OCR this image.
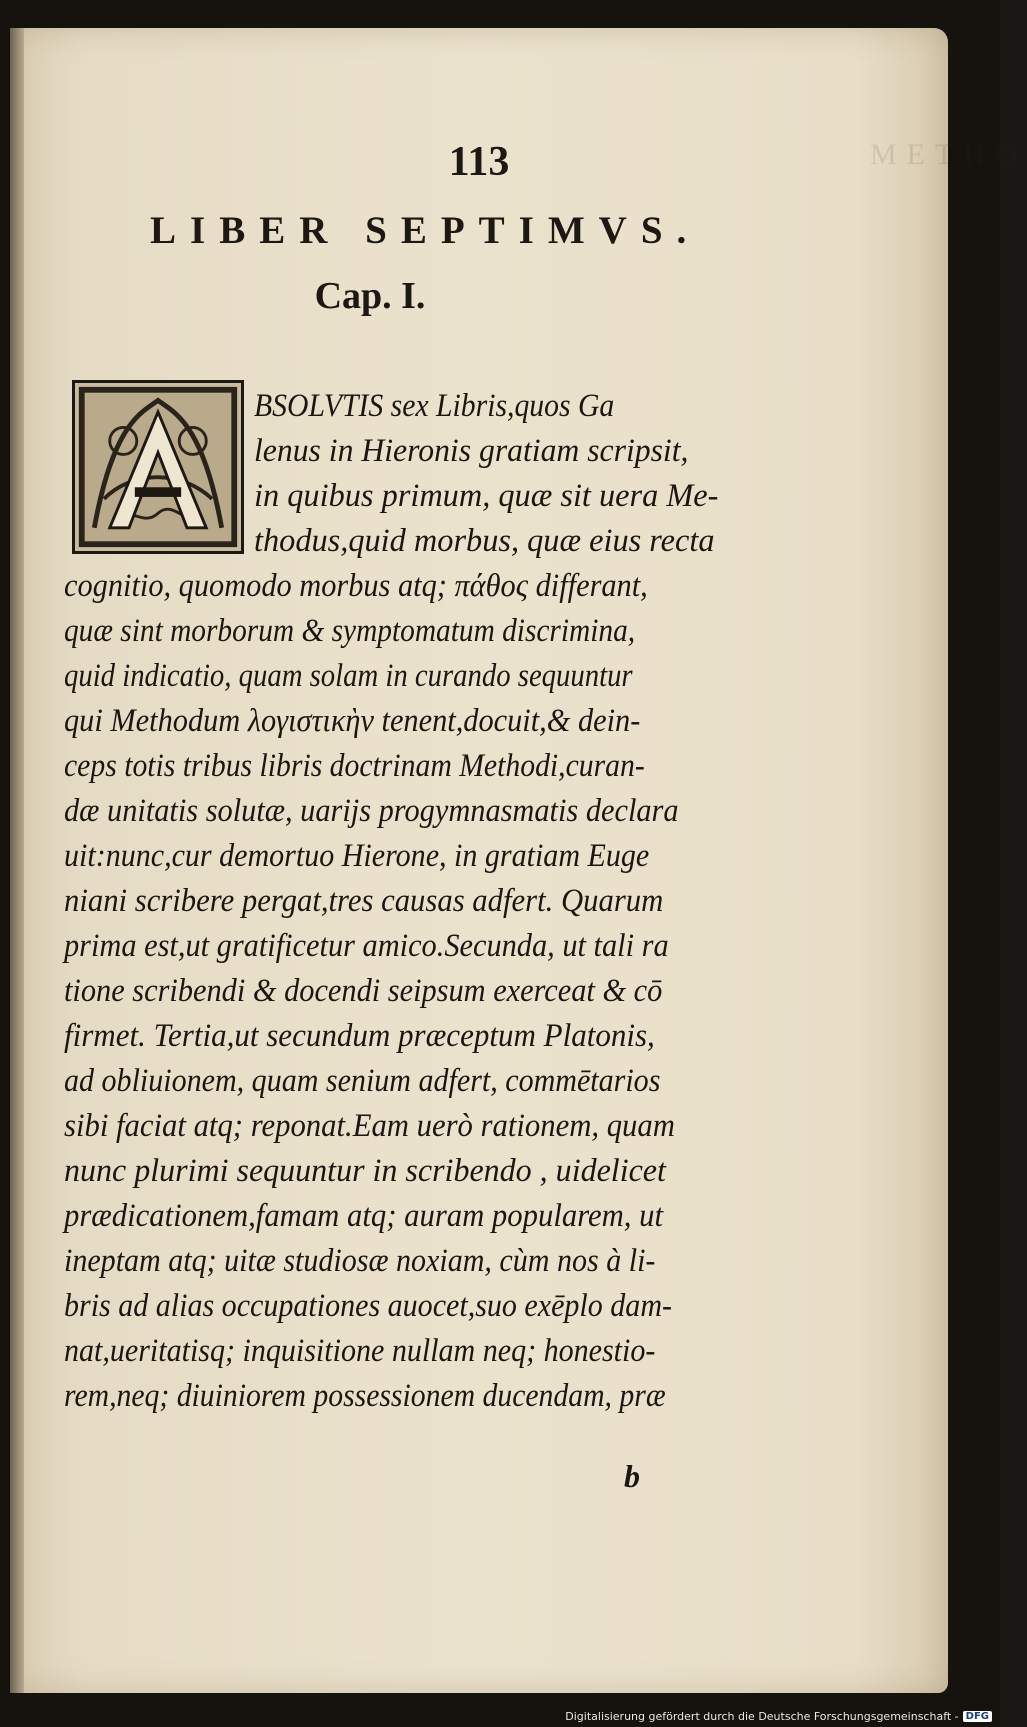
METHO
113
LIBER SEPTIMVS.
Cap. I.
BSOLVTIS sex Libris,quos Ga
lenus in Hieronis gratiam scripsit,
in quibus primum, quæ sit uera Me-
thodus,quid morbus, quæ eius recta
cognitio, quomodo morbus atq; πάθος differant,
quæ sint morborum & symptomatum discrimina,
quid indicatio, quam solam in curando sequuntur
qui Methodum λογιστικὴν tenent,docuit,& dein-
ceps totis tribus libris doctrinam Methodi,curan-
dæ unitatis solutæ, uarijs progymnasmatis declara
uit:nunc,cur demortuo Hierone, in gratiam Euge
niani scribere pergat,tres causas adfert. Quarum
prima est,ut gratificetur amico.Secunda, ut tali ra
tione scribendi & docendi seipsum exerceat & cō
firmet. Tertia,ut secundum præceptum Platonis,
ad obliuionem, quam senium adfert, commētarios
sibi faciat atq; reponat.Eam uerò rationem, quam
nunc plurimi sequuntur in scribendo , uidelicet
prædicationem,famam atq; auram popularem, ut
ineptam atq; uitæ studiosæ noxiam, cùm nos à li-
bris ad alias occupationes auocet,suo exēplo dam-
nat,ueritatisq; inquisitione nullam neq; honestio-
rem,neq; diuiniorem possessionem ducendam, præ
b
Digitalisierung gefördert durch die Deutsche Forschungsgemeinschaft - DFG
